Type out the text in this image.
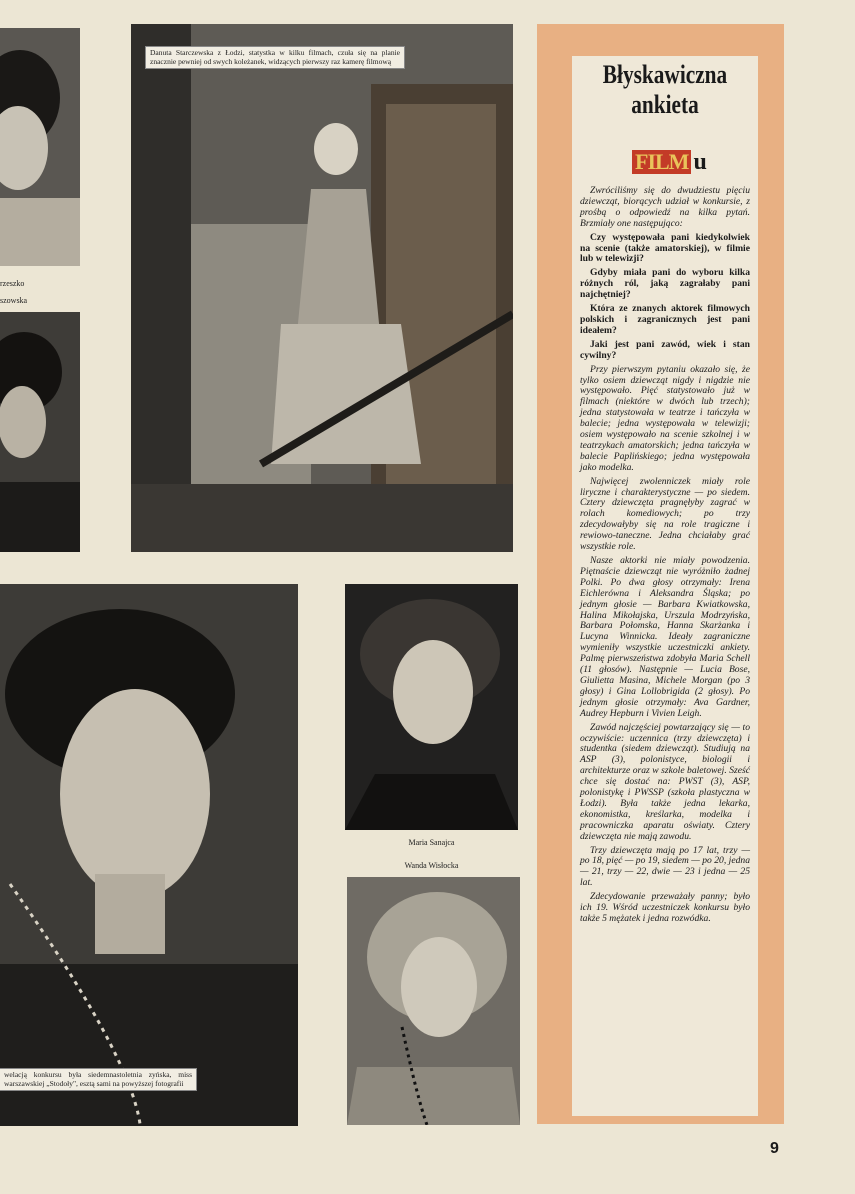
rzeszko
szowska
Danuta Starczewska z Łodzi, statystka w kilku filmach, czuła się na planie znacznie pewniej od swych koleżanek, widzących pierwszy raz kamerę filmową
welacją konkursu była siedemnastoletnia zyńska, miss warszawskiej „Stodoły", esztą sami na powyższej fotografii
Maria Sanajca
Wanda Wisłocka
Błyskawiczna
ankieta
FILM u

Zwróciliśmy się do dwudziestu pięciu dziewcząt, biorących udział w konkursie, z prośbą o odpowiedź na kilka pytań. Brzmiały one następująco:

Czy występowała pani kiedykolwiek na scenie (także amatorskiej), w filmie lub w telewizji?

Gdyby miała pani do wyboru kilka różnych ról, jaką zagrałaby pani najchętniej?

Która ze znanych aktorek filmowych polskich i zagranicznych jest pani ideałem?

Jaki jest pani zawód, wiek i stan cywilny?

Przy pierwszym pytaniu okazało się, że tylko osiem dziewcząt nigdy i nigdzie nie występowało. Pięć statystowało już w filmach (niektóre w dwóch lub trzech); jedna statystowała w teatrze i tańczyła w balecie; jedna występowała w telewizji; osiem występowało na scenie szkolnej i w teatrzykach amatorskich; jedna tańczyła w balecie Paplińskiego; jedna występowała jako modelka.

Najwięcej zwolenniczek miały role liryczne i charakterystyczne — po siedem. Cztery dziewczęta pragnęłyby zagrać w rolach komediowych; po trzy zdecydowałyby się na role tragiczne i rewiowo-taneczne. Jedna chciałaby grać wszystkie role.

Nasze aktorki nie miały powodzenia. Piętnaście dziewcząt nie wyróżniło żadnej Polki. Po dwa głosy otrzymały: Irena Eichlerówna i Aleksandra Śląska; po jednym głosie — Barbara Kwiatkowska, Halina Mikołajska, Urszula Modrzyńska, Barbara Połomska, Hanna Skarżanka i Lucyna Winnicka. Ideały zagraniczne wymieniły wszystkie uczestniczki ankiety. Palmę pierwszeństwa zdobyła Maria Schell (11 głosów). Następnie — Lucia Bose, Giulietta Masina, Michele Morgan (po 3 głosy) i Gina Lollobrigida (2 głosy). Po jednym głosie otrzymały: Ava Gardner, Audrey Hepburn i Vivien Leigh.

Zawód najczęściej powtarzający się — to oczywiście: uczennica (trzy dziewczęta) i studentka (siedem dziewcząt). Studiują na ASP (3), polonistyce, biologii i architekturze oraz w szkole baletowej. Sześć chce się dostać na: PWST (3), ASP, polonistykę i PWSSP (szkoła plastyczna w Łodzi). Była także jedna lekarka, ekonomistka, kreślarka, modelka i pracowniczka aparatu oświaty. Cztery dziewczęta nie mają zawodu.

Trzy dziewczęta mają po 17 lat, trzy — po 18, pięć — po 19, siedem — po 20, jedna — 21, trzy — 22, dwie — 23 i jedna — 25 lat.

Zdecydowanie przeważały panny; było ich 19. Wśród uczestniczek konkursu było także 5 mężatek i jedna rozwódka.

9
